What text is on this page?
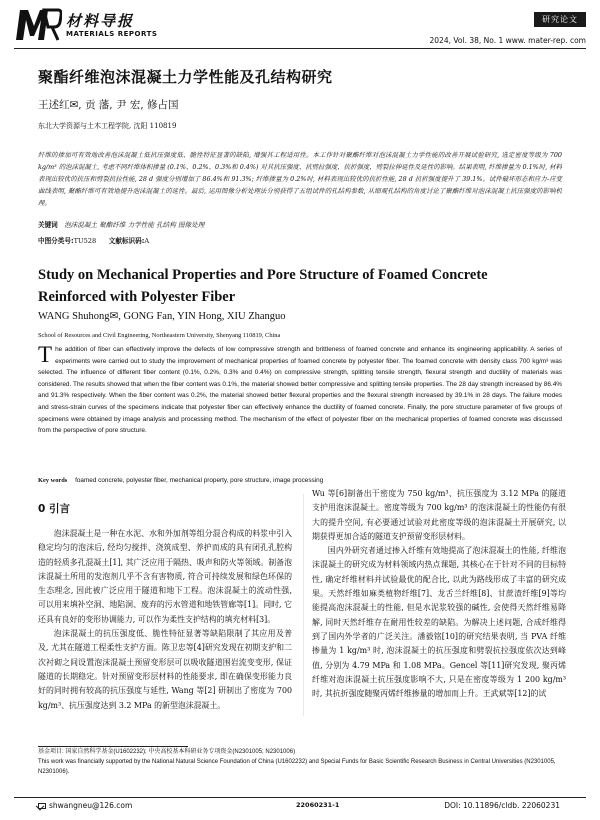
材料导报
MATERIALS REPORTS
研究论文
2024, Vol. 38, No. 1 www. mater-rep. com
聚酯纤维泡沫混凝土力学性能及孔结构研究
王述红✉, 贡 藩, 尹 宏, 修占国
东北大学资源与土木工程学院, 沈阳 110819
纤维的掺加可有效地改善泡沫混凝土低抗压强度低、脆性特征显著的缺陷, 增强其工程适用性。本工作针对聚酯纤维对泡沫混凝土力学性能的改善开展试验研究, 选定密度等级为 700 kg/m³ 的泡沫混凝土, 考虑不同纤维体积掺量 (0.1%、0.2%、0.3%和 0.4%) 对其抗压强度、抗劈拉强度、抗折强度、劈裂拉伸延性及延性的影响。结果表明, 纤维掺量为 0.1%时, 材料表现出较优的抗压和劈裂抗拉性能, 28 d 强度分别增加了 86.4%和 91.3%; 纤维掺量为 0.2%时, 材料表现出较优的抗折性能, 28 d 抗折强度提升了 39.1%。试件破坏形态和应力-应变曲线表明, 聚酯纤维可有效地提升泡沫混凝土的延性。最后, 运用图像分析处理法分别获得了五组试件的孔结构参数, 从细观孔结构的角度讨论了聚酯纤维对泡沫混凝土抗压强度的影响机理。
关键词 泡沫混凝土 聚酯纤维 力学性能 孔结构 图像处理
中图分类号:TU528 文献标识码:A
Study on Mechanical Properties and Pore Structure of Foamed Concrete Reinforced with Polyester Fiber
WANG Shuhong✉, GONG Fan, YIN Hong, XIU Zhanguo
School of Resources and Civil Engineering, Northeastern University, Shenyang 110819, China
The addition of fiber can effectively improve the defects of low compressive strength and brittleness of foamed concrete and enhance its engineering applicability. A series of experiments were carried out to study the improvement of mechanical properties of foamed concrete by polyester fiber. The foamed concrete with density class 700 kg/m³ was selected. The influence of different fiber content (0.1%, 0.2%, 0.3% and 0.4%) on compressive strength, splitting tensile strength, flexural strength and ductility of materials was considered. The results showed that when the fiber content was 0.1%, the material showed better compressive and splitting tensile properties. The 28 day strength increased by 86.4% and 91.3% respectively. When the fiber content was 0.2%, the material showed better flexural properties and the flexural strength increased by 39.1% in 28 days. The failure modes and stress-strain curves of the specimens indicate that polyester fiber can effectively enhance the ductility of foamed concrete. Finally, the pore structure parameter of five groups of specimens were obtained by image analysis and processing method. The mechanism of the effect of polyester fiber on the mechanical properties of foamed concrete was discussed from the perspective of pore structure.
Key words foamed concrete, polyester fiber, mechanical property, pore structure, image processing

0 引言

泡沫混凝土是一种在水泥、水和外加剂等组分混合构成的料浆中引入稳定均匀的泡沫后, 经均匀搅拌、浇筑成型、养护而成的具有闭孔孔腔构造的轻质多孔混凝土[1], 其广泛应用于隔热、吸声和防火等领域。制备泡沫混凝土所用的发泡剂几乎不含有害物质, 符合可持续发展和绿色环保的生态理念, 因此被广泛应用于隧道和地下工程。泡沫混凝土的流动性强, 可以用来填补空洞、地陷洞、废弃的污水管道和地铁管廊等[1]。同时, 它还具有良好的变形协调能力, 可以作为柔性支护结构的填充材料[3]。

泡沫混凝土的抗压强度低、脆性特征显著等缺陷限制了其应用及普及, 尤其在隧道工程柔性支护方面。陈卫忠等[4]研究发现在初期支护和二次衬砌之间设置泡沫混凝土预留变形层可以吸收隧道围岩流变变形, 保证隧道的长期稳定。针对预留变形层材料的性能要求, 即在确保变形能力良好的同时拥有较高的抗压强度与延性, Wang 等[2] 研制出了密度为 700 kg/m³、抗压强度达到 3.2 MPa 的新型泡沫混凝土。

Wu 等[6]制备出干密度为 750 kg/m³、抗压强度为 3.12 MPa 的隧道支护用泡沫混凝土。密度等级为 700 kg/m³ 的泡沫混凝土的性能仍有很大的提升空间, 有必要通过试验对此密度等级的泡沫混凝土开展研究, 以期获得更加合适的隧道支护预留变形层材料。

国内外研究者通过掺入纤维有效地提高了泡沫混凝土的性能, 纤维泡沫混凝土的研究成为材料领域内热点课题, 其核心在于针对不同的目标特性, 确定纤维材料并试验最优的配合比, 以此为路线形成了丰富的研究成果。天然纤维如麻类植物纤维[7]、龙舌兰纤维[8]、甘蔗渣纤维[9]等均能提高泡沫混凝土的性能, 但是水泥浆较强的碱性, 会使得天然纤维易降解, 同时天然纤维存在耐用性较差的缺陷。为解决上述问题, 合成纤维得到了国内外学者的广泛关注。潘毅铭[10]的研究结果表明, 当 PVA 纤维掺量为 1 kg/m³ 时, 泡沫混凝土的抗压强度和劈裂抗拉强度依次达到峰值, 分别为 4.79 MPa 和 1.08 MPa。Gencel 等[11]研究发现, 聚丙烯纤维对泡沫混凝土抗压强度影响不大, 只是在密度等级为 1 200 kg/m³ 时, 其抗折强度随聚丙烯纤维掺量的增加而上升。王武斌等[12]的试

基金项目: 国家自然科学基金(U1602232); 中央高校基本科研业务专项资金(N2301005; N2301006)
This work was financially supported by the National Natural Science Foundation of China (U1602232) and Special Funds for Basic Scientific Research Business in Central Universities (N2301005, N2301006).
shwangneu@126.com	22060231-1	DOI: 10.11896/cldb. 22060231
